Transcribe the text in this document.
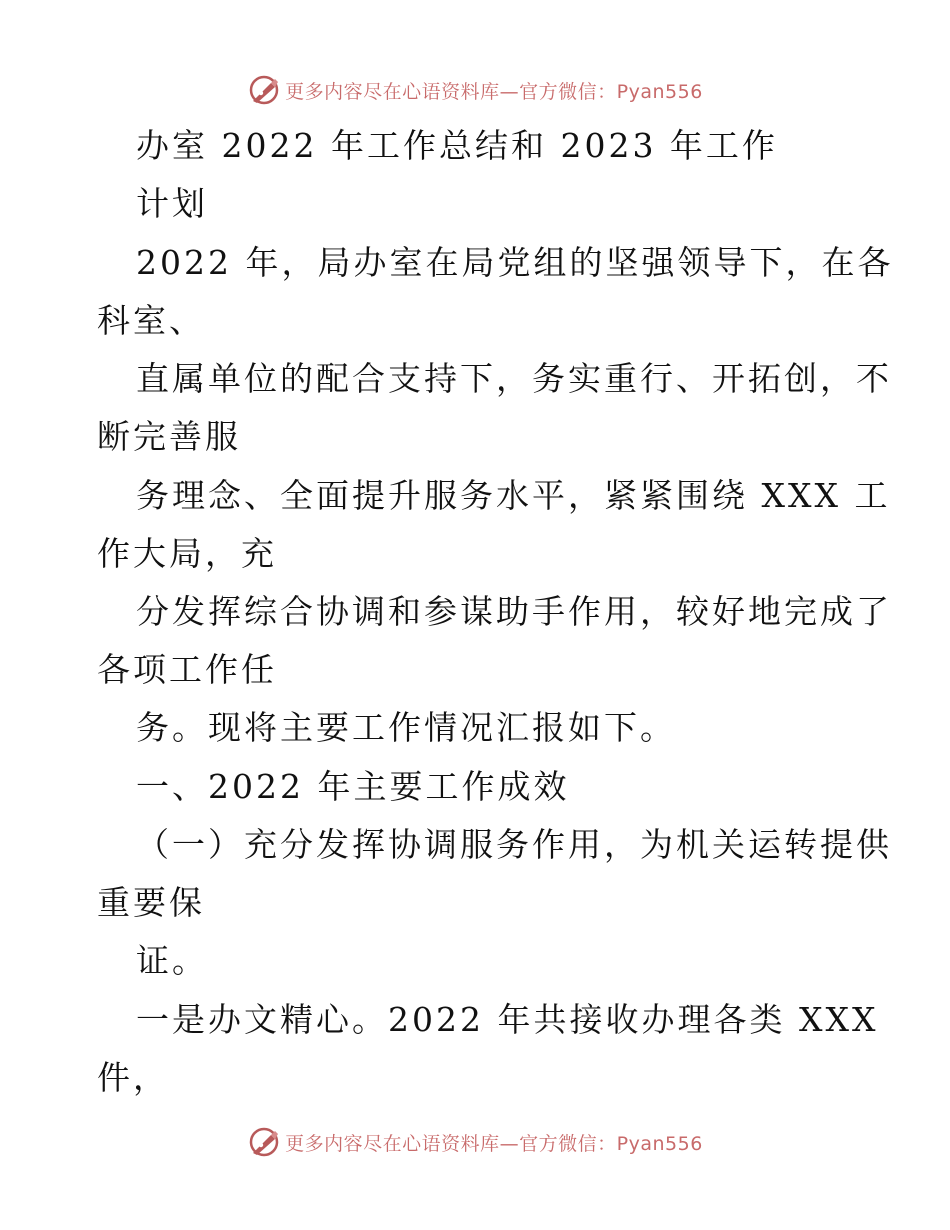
更多内容尽在心语资料库—官方微信：Pyan556
办室 2022 年工作总结和 2023 年工作
计划
2022 年，局办室在局党组的坚强领导下，在各
科室、
直属单位的配合支持下，务实重行、开拓创，不
断完善服
务理念、全面提升服务水平，紧紧围绕 XXX 工
作大局，充
分发挥综合协调和参谋助手作用，较好地完成了
各项工作任
务。现将主要工作情况汇报如下。
一、2022 年主要工作成效
（一）充分发挥协调服务作用，为机关运转提供
重要保
证。
一是办文精心。2022 年共接收办理各类 XXX
件，
更多内容尽在心语资料库—官方微信：Pyan556
